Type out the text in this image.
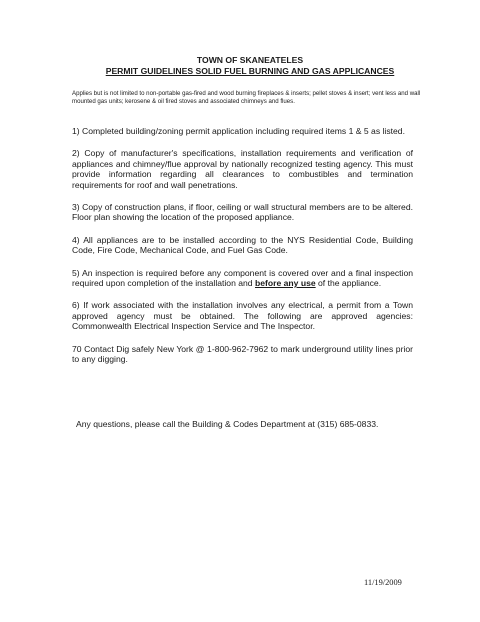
TOWN OF SKANEATELES
PERMIT GUIDELINES SOLID FUEL BURNING AND GAS APPLICANCES
Applies but is not limited to non-portable gas-fired and wood burning fireplaces & inserts; pellet stoves & insert; vent less and wall mounted gas units; kerosene & oil fired stoves and associated chimneys and flues.

1) Completed building/zoning permit application including required items 1 & 5 as listed.

2) Copy of manufacturer's specifications, installation requirements and verification of appliances and chimney/flue approval by nationally recognized testing agency. This must provide information regarding all clearances to combustibles and termination requirements for roof and wall penetrations.

3) Copy of construction plans, if floor, ceiling or wall structural members are to be altered. Floor plan showing the location of the proposed appliance.

4) All appliances are to be installed according to the NYS Residential Code, Building Code, Fire Code, Mechanical Code, and Fuel Gas Code.

5) An inspection is required before any component is covered over and a final inspection required upon completion of the installation and before any use of the appliance.

6) If work associated with the installation involves any electrical, a permit from a Town approved agency must be obtained. The following are approved agencies: Commonwealth Electrical Inspection Service and The Inspector.

70 Contact Dig safely New York @ 1-800-962-7962 to mark underground utility lines prior to any digging.

Any questions, please call the Building & Codes Department at (315) 685-0833.
11/19/2009
